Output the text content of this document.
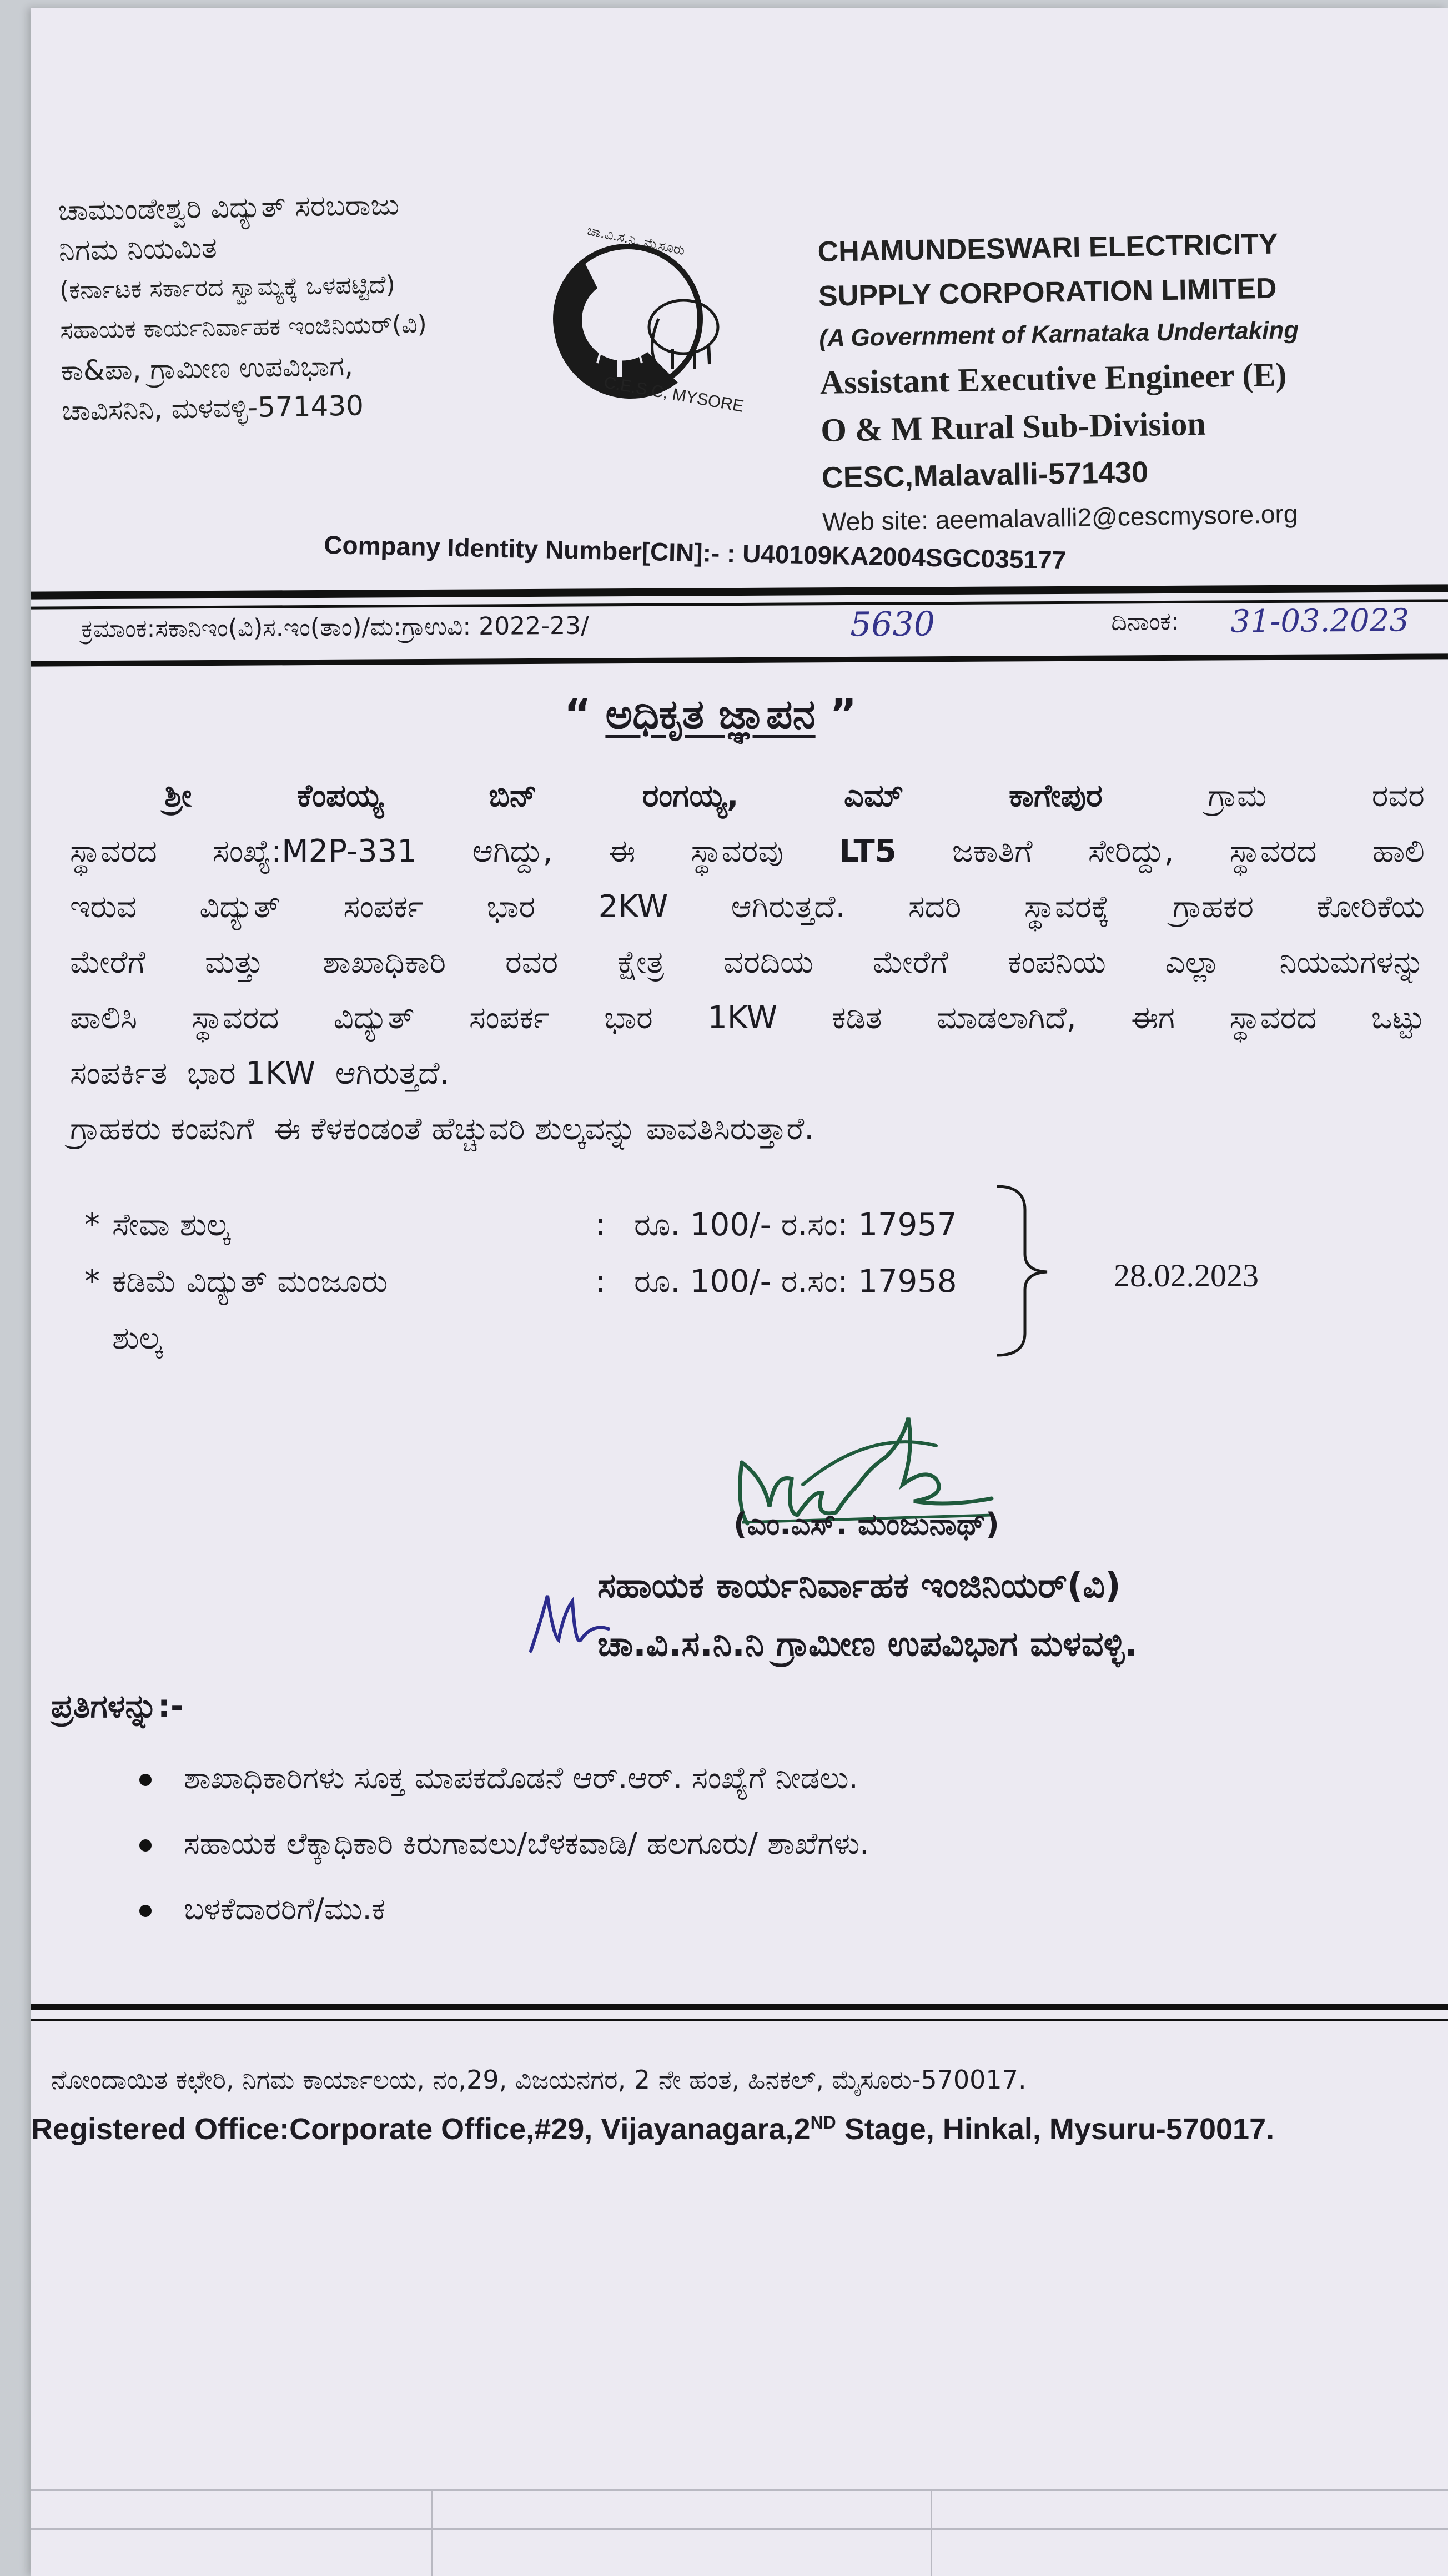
ಚಾಮುಂಡೇಶ್ವರಿ ವಿದ್ಯುತ್ ಸರಬರಾಜು
ನಿಗಮ ನಿಯಮಿತ
(ಕರ್ನಾಟಕ ಸರ್ಕಾರದ ಸ್ವಾಮ್ಯಕ್ಕೆ ಒಳಪಟ್ಟಿದೆ)
ಸಹಾಯಕ ಕಾರ್ಯನಿರ್ವಾಹಕ ಇಂಜಿನಿಯರ್(ವಿ)
ಕಾ&ಪಾ, ಗ್ರಾಮೀಣ ಉಪವಿಭಾಗ,
ಚಾವಿಸನಿನಿ, ಮಳವಳ್ಳಿ-571430
ಚಾ.ವಿ.ಸ.ನಿ. ಮೈಸೂರು
C.E.S.C, MYSORE
CHAMUNDESWARI ELECTRICITY
SUPPLY CORPORATION LIMITED
(A Government of Karnataka Undertaking
Assistant Executive Engineer (E)
O & M Rural Sub-Division
CESC,Malavalli-571430
Web site: aeemalavalli2@cescmysore.org
Company Identity Number[CIN]:- : U40109KA2004SGC035177
ಕ್ರಮಾಂಕ:ಸಕಾನಿಇಂ(ವಿ)ಸ.ಇಂ(ತಾಂ)/ಮ:ಗ್ರಾಉವಿ: 2022-23/	5630	ದಿನಾಂಕ: 31-03.2023
“ ಅಧಿಕೃತ ಜ್ಞಾಪನ ”
ಶ್ರೀ	ಕೆಂಪಯ್ಯ	ಬಿನ್	ರಂಗಯ್ಯ,	ಎಮ್	ಕಾಗೇಪುರ	ಗ್ರಾಮ	ರವರ
ಸ್ಥಾವರದ ಸಂಖ್ಯೆ:M2P-331 ಆಗಿದ್ದು, ಈ ಸ್ಥಾವರವು LT5 ಜಕಾತಿಗೆ ಸೇರಿದ್ದು, ಸ್ಥಾವರದ ಹಾಲಿ
ಇರುವ ವಿದ್ಯುತ್ ಸಂಪರ್ಕ ಭಾರ 2KW ಆಗಿರುತ್ತದೆ. ಸದರಿ ಸ್ಥಾವರಕ್ಕೆ ಗ್ರಾಹಕರ ಕೋರಿಕೆಯ
ಮೇರೆಗೆ ಮತ್ತು ಶಾಖಾಧಿಕಾರಿ ರವರ ಕ್ಷೇತ್ರ ವರದಿಯ ಮೇರೆಗೆ ಕಂಪನಿಯ ಎಲ್ಲಾ ನಿಯಮಗಳನ್ನು
ಪಾಲಿಸಿ ಸ್ಥಾವರದ ವಿದ್ಯುತ್ ಸಂಪರ್ಕ ಭಾರ 1KW ಕಡಿತ ಮಾಡಲಾಗಿದೆ, ಈಗ ಸ್ಥಾವರದ ಒಟ್ಟು
ಸಂಪರ್ಕಿತ  ಭಾರ 1KW  ಆಗಿರುತ್ತದೆ.
ಗ್ರಾಹಕರು ಕಂಪನಿಗೆ  ಈ ಕೆಳಕಂಡಂತೆ ಹೆಚ್ಚುವರಿ ಶುಲ್ಕವನ್ನು ಪಾವತಿಸಿರುತ್ತಾರೆ.
* ಸೇವಾ ಶುಲ್ಕ	: ರೂ. 100/- ರ.ಸಂ: 17957
* ಕಡಿಮೆ ವಿದ್ಯುತ್ ಮಂಜೂರು	: ರೂ. 100/- ರ.ಸಂ: 17958
ಶುಲ್ಕ
28.02.2023
(ಎಂ.ಎಸ್. ಮಂಜುನಾಥ್)
ಸಹಾಯಕ ಕಾರ್ಯನಿರ್ವಾಹಕ ಇಂಜಿನಿಯರ್(ವಿ)
ಚಾ.ವಿ.ಸ.ನಿ.ನಿ ಗ್ರಾಮೀಣ ಉಪವಿಭಾಗ ಮಳವಳ್ಳಿ.
ಪ್ರತಿಗಳನ್ನು:-
ಶಾಖಾಧಿಕಾರಿಗಳು ಸೂಕ್ತ ಮಾಪಕದೊಡನೆ ಆರ್.ಆರ್. ಸಂಖ್ಯೆಗೆ ನೀಡಲು.
ಸಹಾಯಕ ಲೆಕ್ಕಾಧಿಕಾರಿ ಕಿರುಗಾವಲು/ಬೆಳಕವಾಡಿ/ ಹಲಗೂರು/ ಶಾಖೆಗಳು.
ಬಳಕೆದಾರರಿಗೆ/ಮು.ಕ
ನೋಂದಾಯಿತ ಕಛೇರಿ, ನಿಗಮ ಕಾರ್ಯಾಲಯ, ನಂ,29, ವಿಜಯನಗರ, 2 ನೇ ಹಂತ, ಹಿನಕಲ್, ಮೈಸೂರು-570017.
Registered Office:Corporate Office,#29, Vijayanagara,2ND Stage, Hinkal, Mysuru-570017.
